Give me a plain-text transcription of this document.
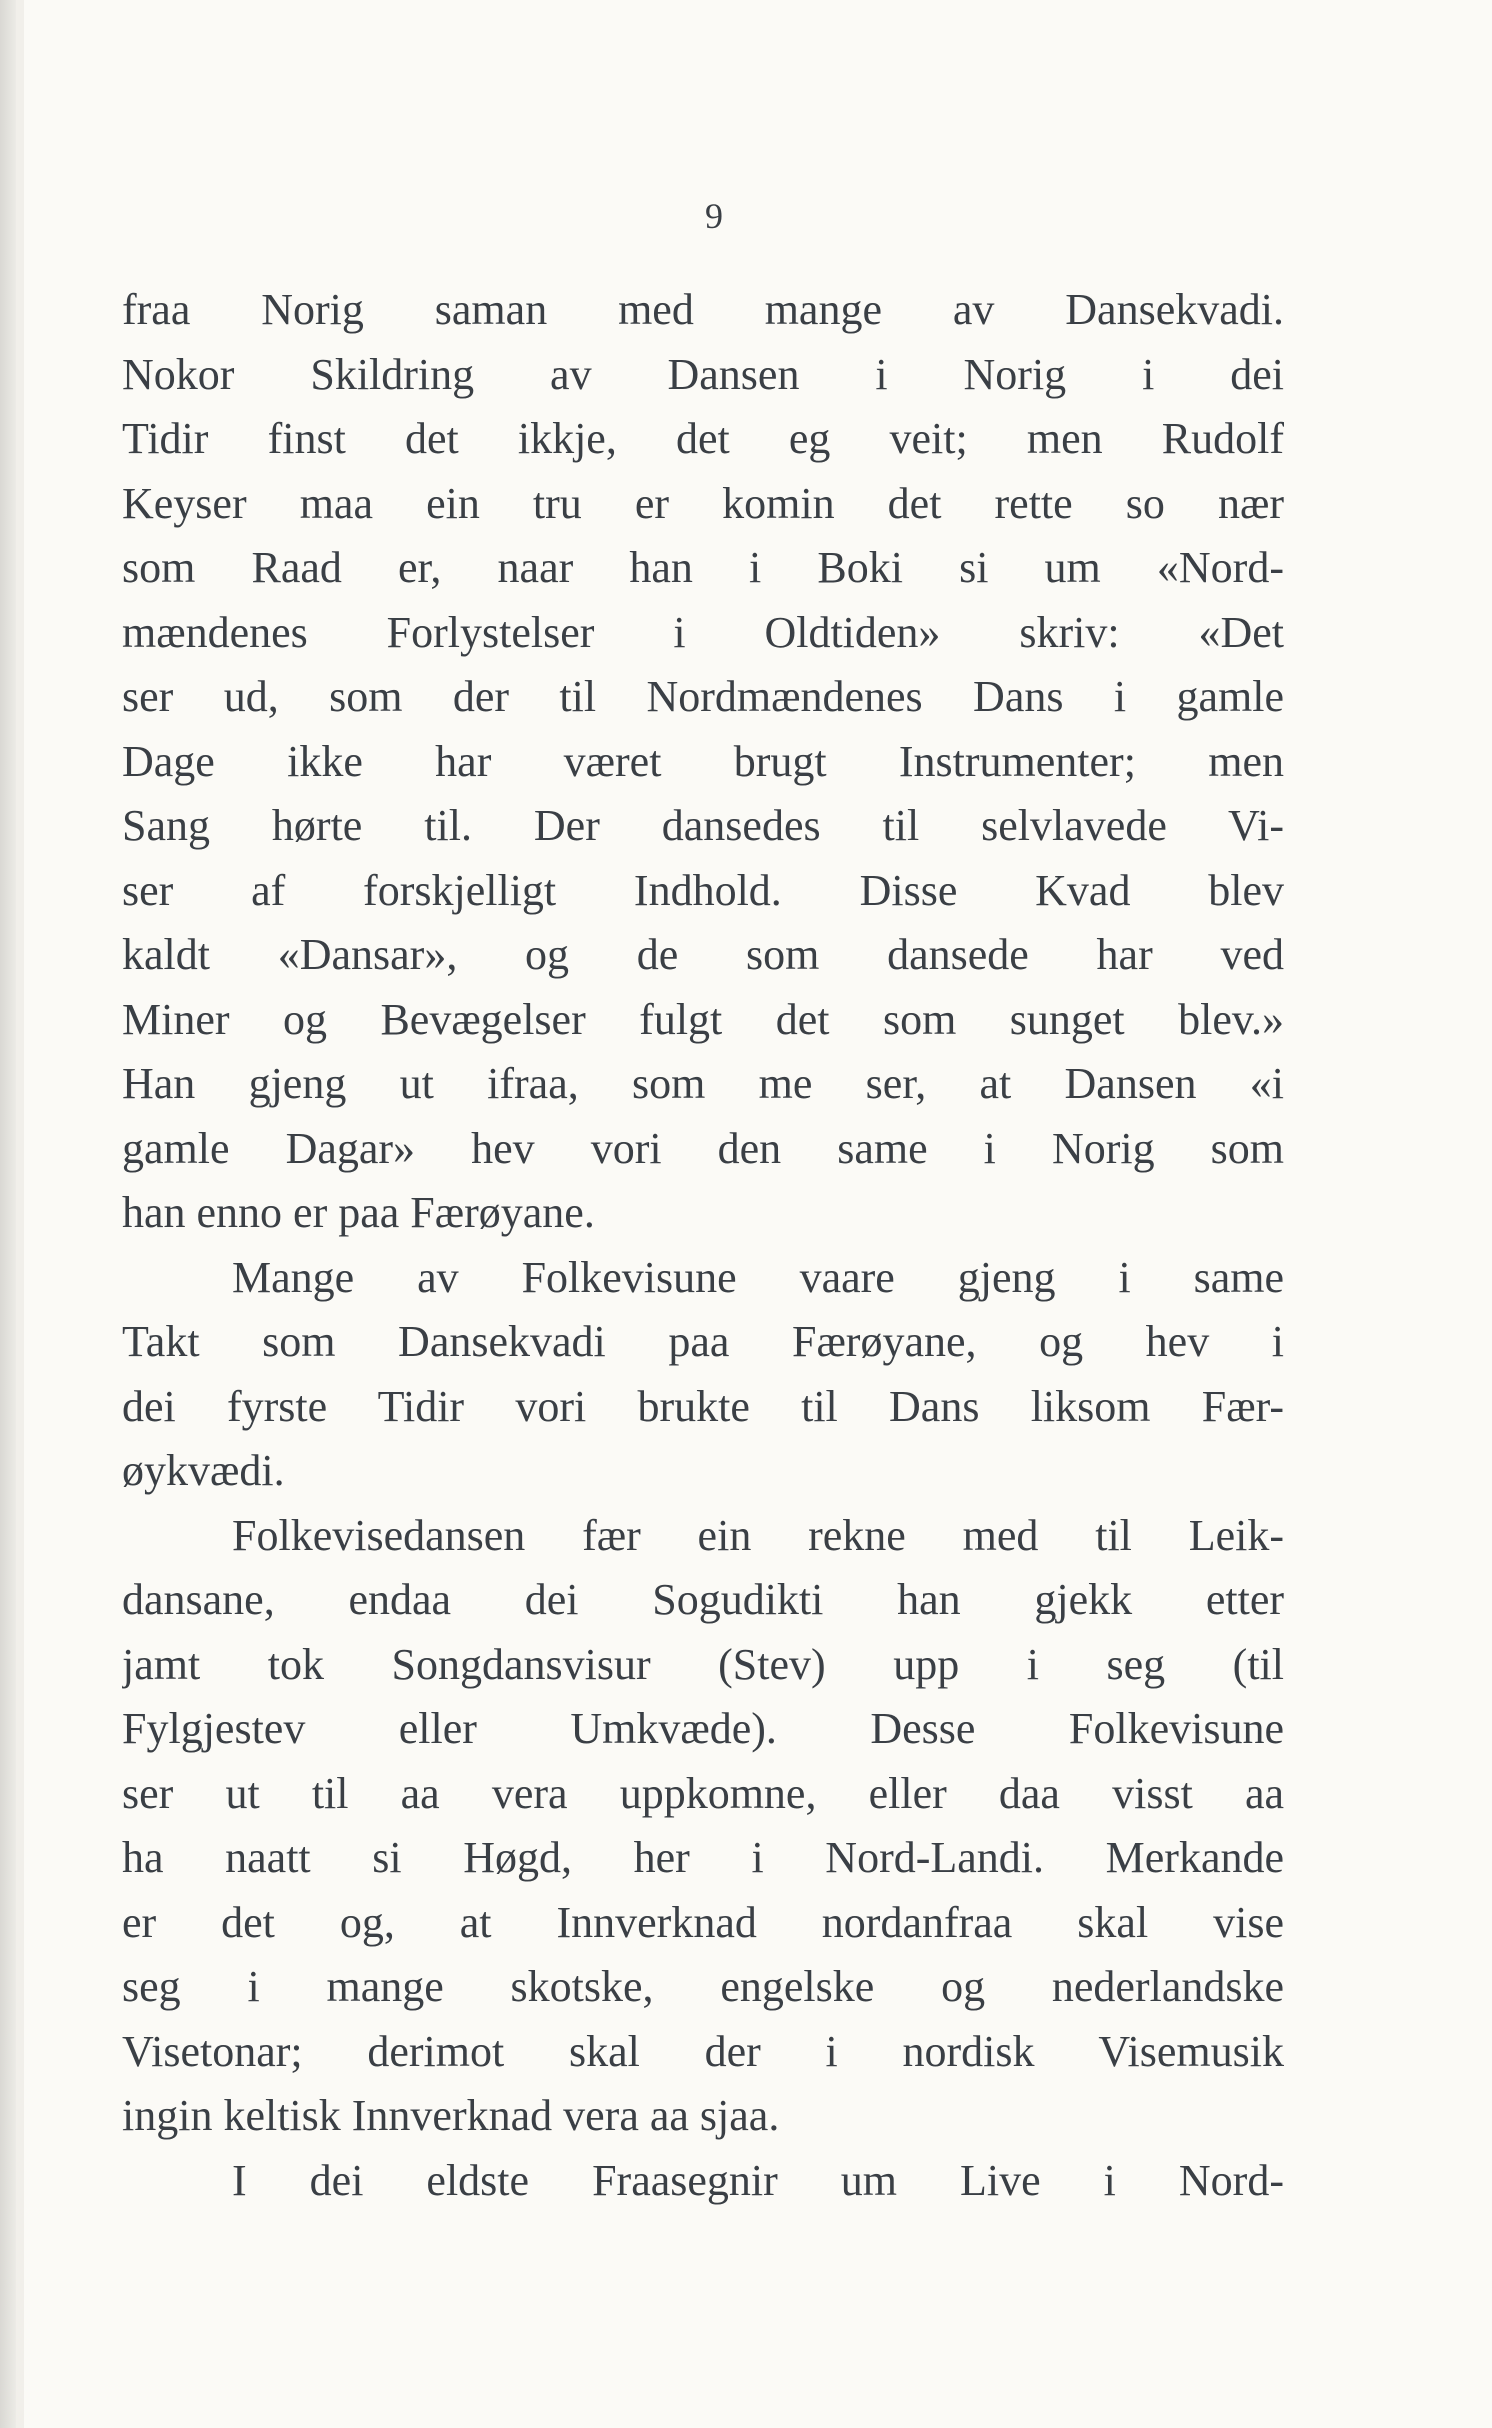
9
fraa Norig saman med mange av Dansekvadi.
Nokor Skildring av Dansen i Norig i dei
Tidir finst det ikkje, det eg veit; men Rudolf
Keyser maa ein tru er komin det rette so nær
som Raad er, naar han i Boki si um «Nord-
mændenes Forlystelser i Oldtiden» skriv: «Det
ser ud, som der til Nordmændenes Dans i gamle
Dage ikke har været brugt Instrumenter; men
Sang hørte til. Der dansedes til selvlavede Vi-
ser af forskjelligt Indhold. Disse Kvad blev
kaldt «Dansar», og de som dansede har ved
Miner og Bevægelser fulgt det som sunget blev.»
Han gjeng ut ifraa, som me ser, at Dansen «i
gamle Dagar» hev vori den same i Norig som
han enno er paa Færøyane.
Mange av Folkevisune vaare gjeng i same
Takt som Dansekvadi paa Færøyane, og hev i
dei fyrste Tidir vori brukte til Dans liksom Fær-
øykvædi.
Folkevisedansen fær ein rekne med til Leik-
dansane, endaa dei Sogudikti han gjekk etter
jamt tok Songdansvisur (Stev) upp i seg (til
Fylgjestev eller Umkvæde). Desse Folkevisune
ser ut til aa vera uppkomne, eller daa visst aa
ha naatt si Høgd, her i Nord-Landi. Merkande
er det og, at Innverknad nordanfraa skal vise
seg i mange skotske, engelske og nederlandske
Visetonar; derimot skal der i nordisk Visemusik
ingin keltisk Innverknad vera aa sjaa.
I dei eldste Fraasegnir um Live i Nord-
